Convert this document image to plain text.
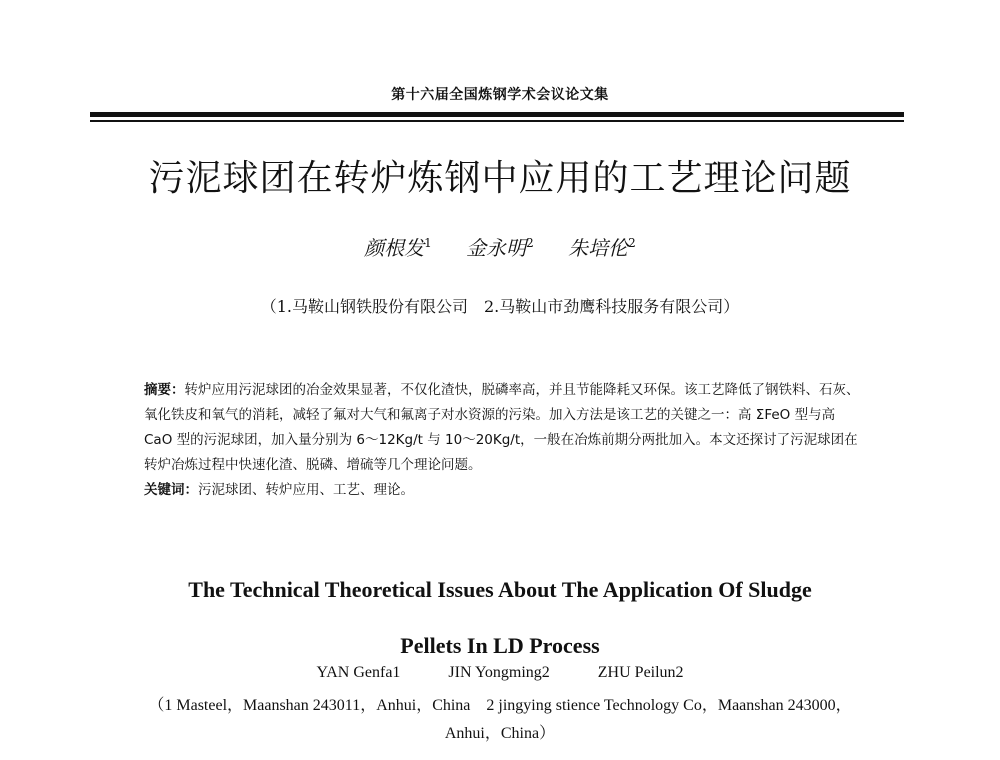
第十六届全国炼钢学术会议论文集
污泥球团在转炉炼钢中应用的工艺理论问题
颜根发$^1$ 金永明$^2$ 朱培伦$^2$
（1.马鞍山钢铁股份有限公司　2.马鞍山市劲鹰科技服务有限公司）

摘要：转炉应用污泥球团的冶金效果显著，不仅化渣快，脱磷率高，并且节能降耗又环保。该工艺降低了钢铁料、石灰、氧化铁皮和氧气的消耗，减轻了氟对大气和氟离子对水资源的污染。加入方法是该工艺的关键之一：高 ΣFeO 型与高 CaO 型的污泥球团，加入量分别为 6～12Kg/t 与 10～20Kg/t，一般在冶炼前期分两批加入。本文还探讨了污泥球团在转炉冶炼过程中快速化渣、脱磷、增硫等几个理论问题。

关键词：污泥球团、转炉应用、工艺、理论。

The Technical Theoretical Issues About The Application Of Sludge
Pellets In LD Process
YAN Genfa1	JIN Yongming2	ZHU Peilun2
（1 Masteel，Maanshan 243011，Anhui，China　2 jingying stience Technology Co，Maanshan 243000，Anhui，China）
